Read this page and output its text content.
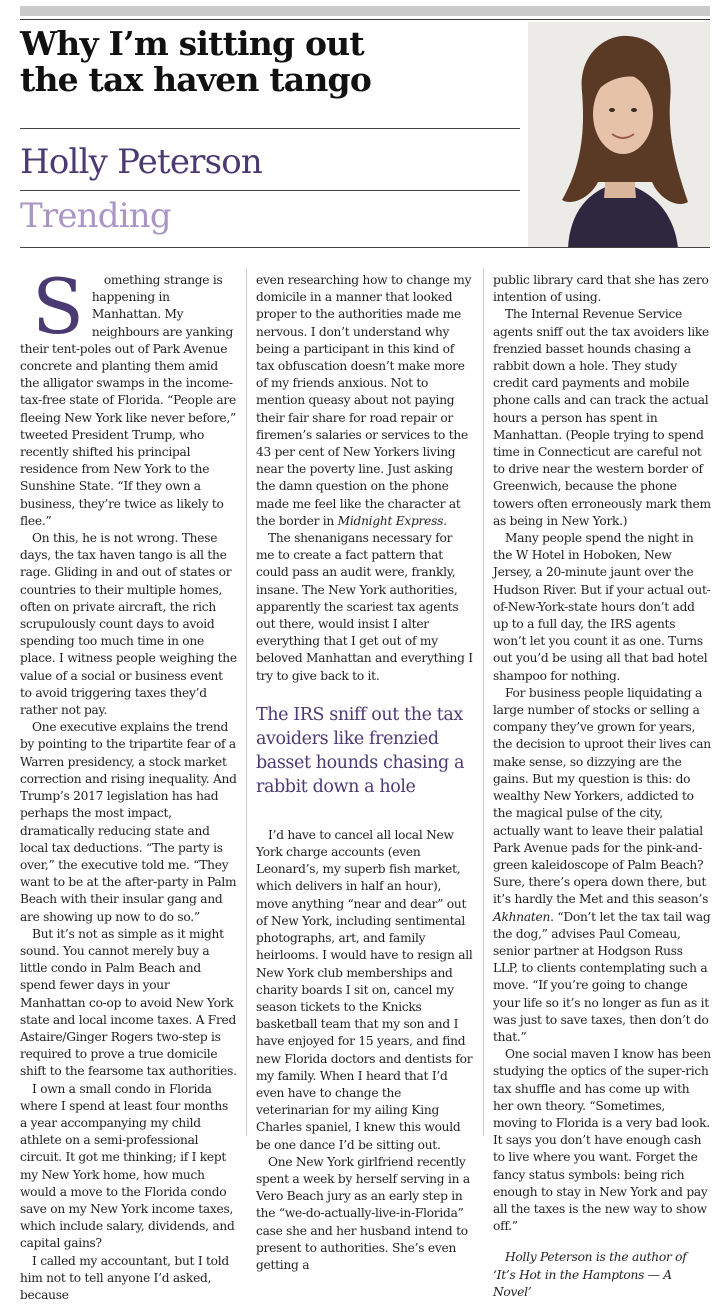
Why I’m sitting out
the tax haven tango
Holly Peterson
Trending

S omething strange is happening in Manhattan. My neighbours are yanking their tent-poles out of Park Avenue concrete and planting them amid the alligator swamps in the income-tax-free state of Florida. “People are fleeing New York like never before,” tweeted President Trump, who recently shifted his principal residence from New York to the Sunshine State. “If they own a business, they’re twice as likely to flee.”

On this, he is not wrong. These days, the tax haven tango is all the rage. Gliding in and out of states or countries to their multiple homes, often on private aircraft, the rich scrupulously count days to avoid spending too much time in one place. I witness people weighing the value of a social or business event to avoid triggering taxes they’d rather not pay.

One executive explains the trend by pointing to the tripartite fear of a Warren presidency, a stock market correction and rising inequality. And Trump’s 2017 legislation has had perhaps the most impact, dramatically reducing state and local tax deductions. “The party is over,” the executive told me. “They want to be at the after-party in Palm Beach with their insular gang and are showing up now to do so.”

But it’s not as simple as it might sound. You cannot merely buy a little condo in Palm Beach and spend fewer days in your Manhattan co-op to avoid New York state and local income taxes. A Fred Astaire/Ginger Rogers two-step is required to prove a true domicile shift to the fearsome tax authorities.

I own a small condo in Florida where I spend at least four months a year accompanying my child athlete on a semi-professional circuit. It got me thinking; if I kept my New York home, how much would a move to the Florida condo save on my New York income taxes, which include salary, dividends, and capital gains?

I called my accountant, but I told him not to tell anyone I’d asked, because

even researching how to change my domicile in a manner that looked proper to the authorities made me nervous. I don’t understand why being a participant in this kind of tax obfuscation doesn’t make more of my friends anxious. Not to mention queasy about not paying their fair share for road repair or firemen’s salaries or services to the 43 per cent of New Yorkers living near the poverty line. Just asking the damn question on the phone made me feel like the character at the border in Midnight Express.

The shenanigans necessary for me to create a fact pattern that could pass an audit were, frankly, insane. The New York authorities, apparently the scariest tax agents out there, would insist I alter everything that I get out of my beloved Manhattan and everything I try to give back to it.

The IRS sniff out the tax avoiders like frenzied basset hounds chasing a rabbit down a hole

I’d have to cancel all local New York charge accounts (even Leonard’s, my superb fish market, which delivers in half an hour), move anything “near and dear” out of New York, including sentimental photographs, art, and family heirlooms. I would have to resign all New York club memberships and charity boards I sit on, cancel my season tickets to the Knicks basketball team that my son and I have enjoyed for 15 years, and find new Florida doctors and dentists for my family. When I heard that I’d even have to change the veterinarian for my ailing King Charles spaniel, I knew this would be one dance I’d be sitting out.

One New York girlfriend recently spent a week by herself serving in a Vero Beach jury as an early step in the “we-do-actually-live-in-Florida” case she and her husband intend to present to authorities. She’s even getting a

public library card that she has zero intention of using.

The Internal Revenue Service agents sniff out the tax avoiders like frenzied basset hounds chasing a rabbit down a hole. They study credit card payments and mobile phone calls and can track the actual hours a person has spent in Manhattan. (People trying to spend time in Connecticut are careful not to drive near the western border of Greenwich, because the phone towers often erroneously mark them as being in New York.)

Many people spend the night in the W Hotel in Hoboken, New Jersey, a 20-minute jaunt over the Hudson River. But if your actual out-of-New-York-state hours don’t add up to a full day, the IRS agents won’t let you count it as one. Turns out you’d be using all that bad hotel shampoo for nothing.

For business people liquidating a large number of stocks or selling a company they’ve grown for years, the decision to uproot their lives can make sense, so dizzying are the gains. But my question is this: do wealthy New Yorkers, addicted to the magical pulse of the city, actually want to leave their palatial Park Avenue pads for the pink-and-green kaleidoscope of Palm Beach? Sure, there’s opera down there, but it’s hardly the Met and this season’s Akhnaten. “Don’t let the tax tail wag the dog,” advises Paul Comeau, senior partner at Hodgson Russ LLP, to clients contemplating such a move. “If you’re going to change your life so it’s no longer as fun as it was just to save taxes, then don’t do that.”

One social maven I know has been studying the optics of the super-rich tax shuffle and has come up with her own theory. “Sometimes, moving to Florida is a very bad look. It says you don’t have enough cash to live where you want. Forget the fancy status symbols: being rich enough to stay in New York and pay all the taxes is the new way to show off.”

Holly Peterson is the author of ‘It’s Hot in the Hamptons — A Novel’
